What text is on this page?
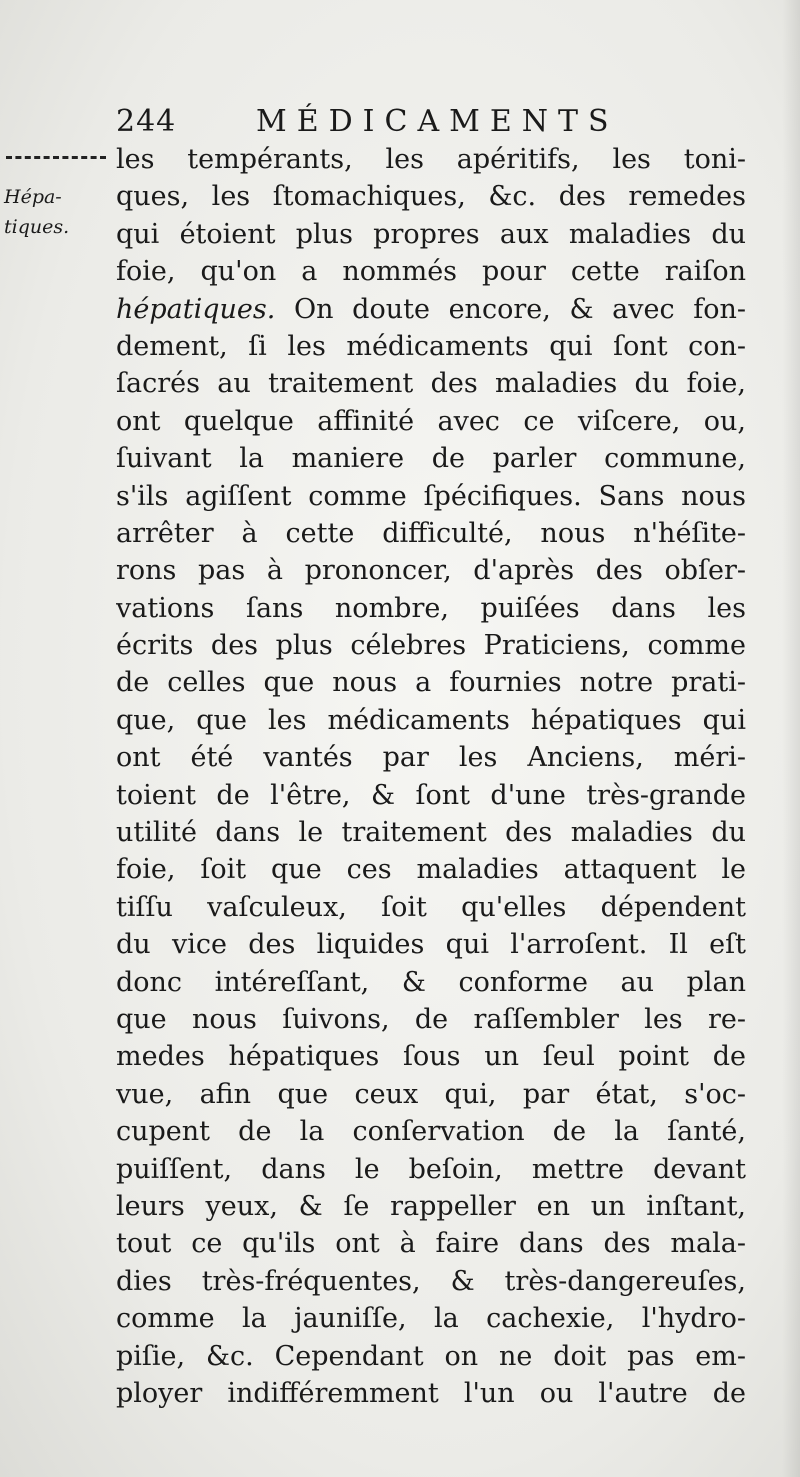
244	MÉDICAMENTS
Hépa-
tiques.
les tempérants, les apéritifs, les toni-
ques, les ſtomachiques, &c. des remedes
qui étoient plus propres aux maladies du
foie, qu'on a nommés pour cette raiſon
hépatiques. On doute encore, & avec fon-
dement, ſi les médicaments qui ſont con-
ſacrés au traitement des maladies du foie,
ont quelque affinité avec ce viſcere, ou,
ſuivant la maniere de parler commune,
s'ils agiſſent comme ſpécifiques. Sans nous
arrêter à cette difficulté, nous n'héſite-
rons pas à prononcer, d'après des obſer-
vations ſans nombre, puiſées dans les
écrits des plus célebres Praticiens, comme
de celles que nous a fournies notre prati-
que, que les médicaments hépatiques qui
ont été vantés par les Anciens, méri-
toient de l'être, & ſont d'une très-grande
utilité dans le traitement des maladies du
foie, ſoit que ces maladies attaquent le
tiſſu vaſculeux, ſoit qu'elles dépendent
du vice des liquides qui l'arroſent. Il eſt
donc intéreſſant, & conforme au plan
que nous ſuivons, de raſſembler les re-
medes hépatiques ſous un ſeul point de
vue, afin que ceux qui, par état, s'oc-
cupent de la conſervation de la ſanté,
puiſſent, dans le beſoin, mettre devant
leurs yeux, & ſe rappeller en un inſtant,
tout ce qu'ils ont à faire dans des mala-
dies très-fréquentes, & très-dangereuſes,
comme la jauniſſe, la cachexie, l'hydro-
piſie, &c. Cependant on ne doit pas em-
ployer indifféremment l'un ou l'autre de
